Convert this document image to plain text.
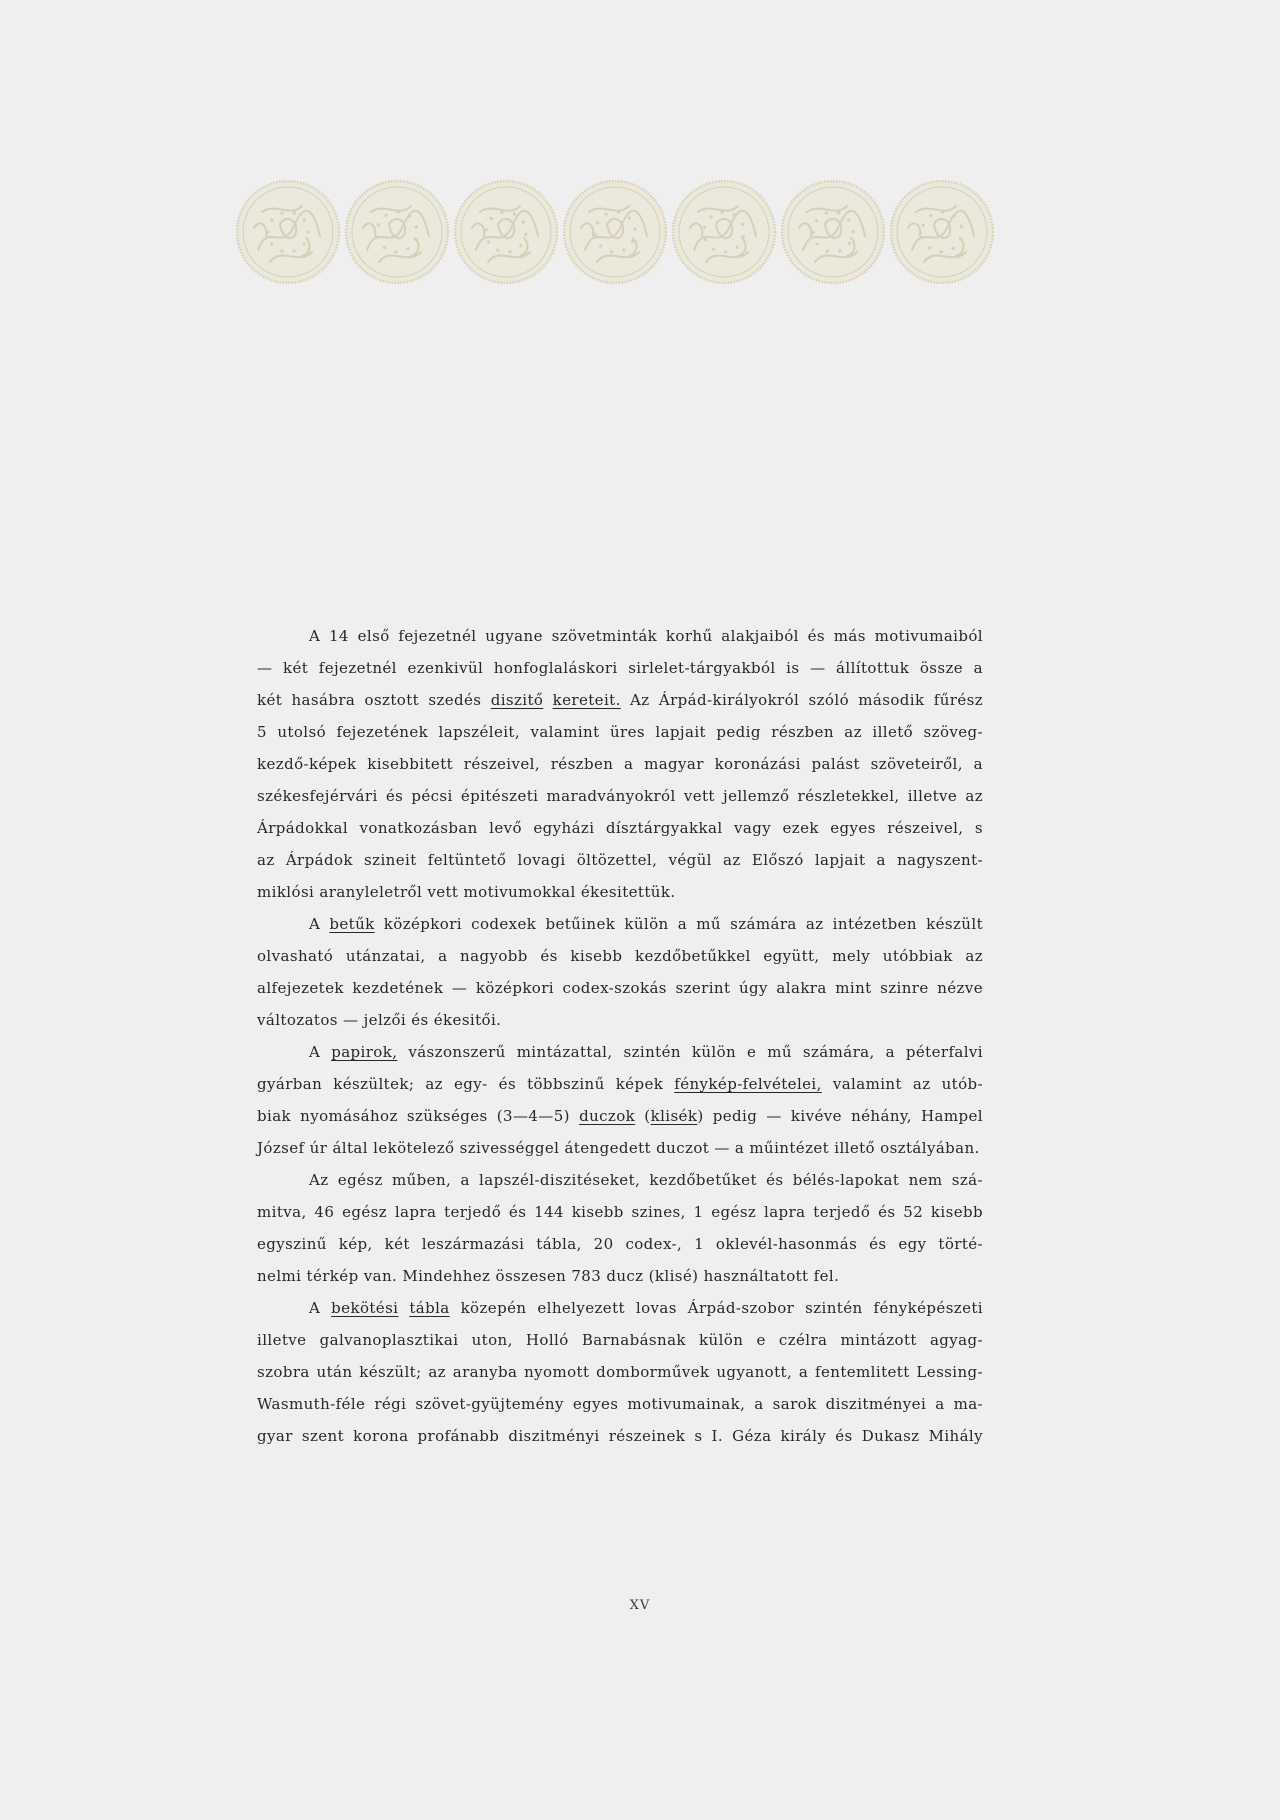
A 14 első fejezetnél ugyane szövetminták korhű alakjaiból és más motivumaiból
— két fejezetnél ezenkivül honfoglaláskori sirlelet-tárgyakból is — állítottuk össze a
két hasábra osztott szedés diszitő kereteit. Az Árpád-királyokról szóló második fűrész
5 utolsó fejezetének lapszéleit, valamint üres lapjait pedig részben az illető szöveg-
kezdő-képek kisebbitett részeivel, részben a magyar koronázási palást szöveteiről, a
székesfejérvári és pécsi épitészeti maradványokról vett jellemző részletekkel, illetve az
Árpádokkal vonatkozásban levő egyházi dísztárgyakkal vagy ezek egyes részeivel, s
az Árpádok szineit feltüntető lovagi öltözettel, végül az Előszó lapjait a nagyszent-
miklósi aranyleletről vett motivumokkal ékesitettük.
A betűk középkori codexek betűinek külön a mű számára az intézetben készült
olvasható utánzatai, a nagyobb és kisebb kezdőbetűkkel együtt, mely utóbbiak az
alfejezetek kezdetének — középkori codex-szokás szerint úgy alakra mint szinre nézve
változatos — jelzői és ékesitői.
A papirok, vászonszerű mintázattal, szintén külön e mű számára, a péterfalvi
gyárban készültek; az egy- és többszinű képek fénykép-felvételei, valamint az utób-
biak nyomásához szükséges (3—4—5) duczok (klisék) pedig — kivéve néhány, Hampel
József úr által lekötelező szivességgel átengedett duczot — a műintézet illető osztályában.
Az egész műben, a lapszél-diszitéseket, kezdőbetűket és bélés-lapokat nem szá-
mitva, 46 egész lapra terjedő és 144 kisebb szines, 1 egész lapra terjedő és 52 kisebb
egyszinű kép, két leszármazási tábla, 20 codex-, 1 oklevél-hasonmás és egy törté-
nelmi térkép van. Mindehhez összesen 783 ducz (klisé) használtatott fel.
A bekötési tábla közepén elhelyezett lovas Árpád-szobor szintén fényképészeti
illetve galvanoplasztikai uton, Holló Barnabásnak külön e czélra mintázott agyag-
szobra után készült; az aranyba nyomott domborművek ugyanott, a fentemlitett Lessing-
Wasmuth-féle régi szövet-gyüjtemény egyes motivumainak, a sarok diszitményei a ma-
gyar szent korona profánabb diszitményi részeinek s I. Géza király és Dukasz Mihály
XV
